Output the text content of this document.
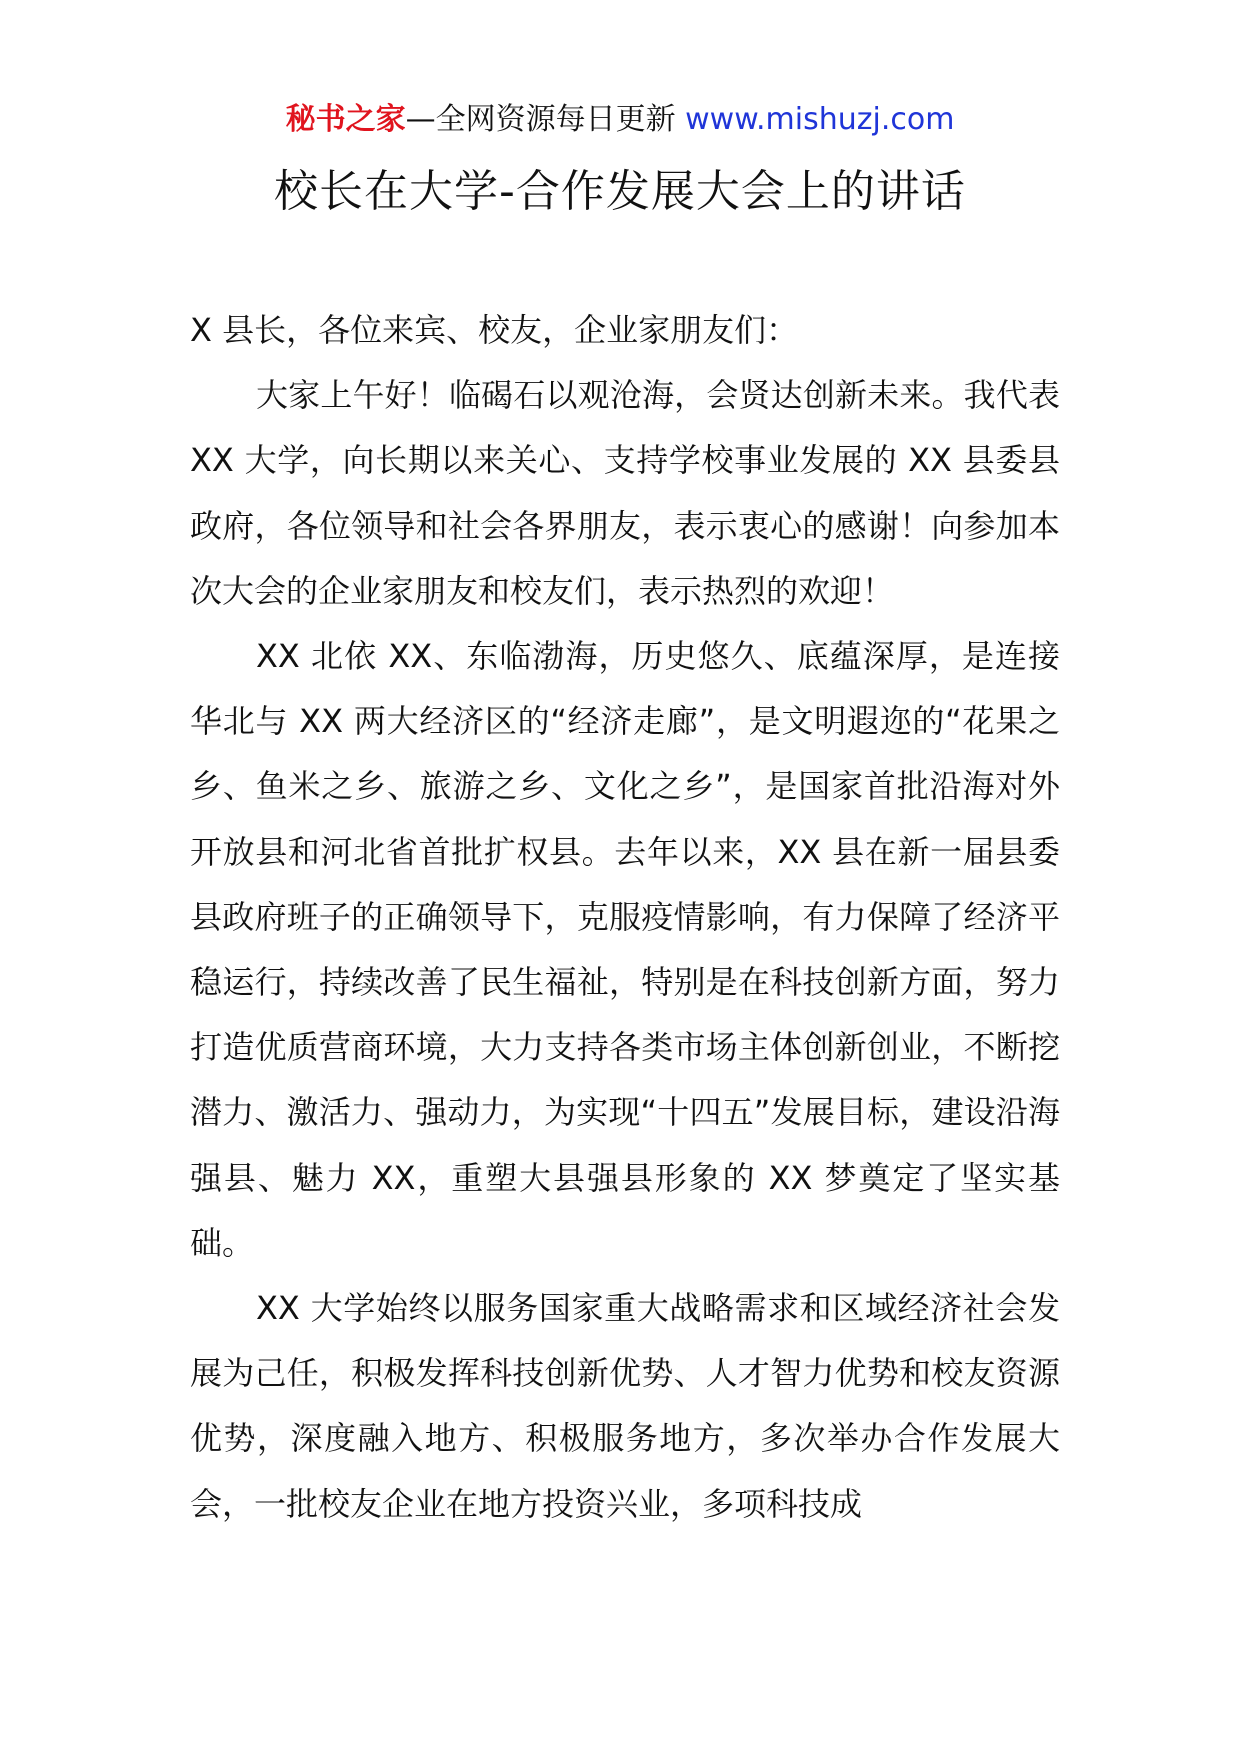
秘书之家—全网资源每日更新 www.mishuzj.com
校长在大学-合作发展大会上的讲话

X 县长，各位来宾、校友，企业家朋友们：

大家上午好！临碣石以观沧海，会贤达创新未来。我代表 XX 大学，向长期以来关心、支持学校事业发展的 XX 县委县政府，各位领导和社会各界朋友，表示衷心的感谢！向参加本次大会的企业家朋友和校友们，表示热烈的欢迎！

XX 北依 XX、东临渤海，历史悠久、底蕴深厚，是连接华北与 XX 两大经济区的“经济走廊”，是文明遐迩的“花果之乡、鱼米之乡、旅游之乡、文化之乡”，是国家首批沿海对外开放县和河北省首批扩权县。去年以来，XX 县在新一届县委县政府班子的正确领导下，克服疫情影响，有力保障了经济平稳运行，持续改善了民生福祉，特别是在科技创新方面，努力打造优质营商环境，大力支持各类市场主体创新创业，不断挖潜力、激活力、强动力，为实现“十四五”发展目标，建设沿海强县、魅力 XX，重塑大县强县形象的 XX 梦奠定了坚实基础。

XX 大学始终以服务国家重大战略需求和区域经济社会发展为己任，积极发挥科技创新优势、人才智力优势和校友资源优势，深度融入地方、积极服务地方，多次举办合作发展大会，一批校友企业在地方投资兴业，多项科技成
